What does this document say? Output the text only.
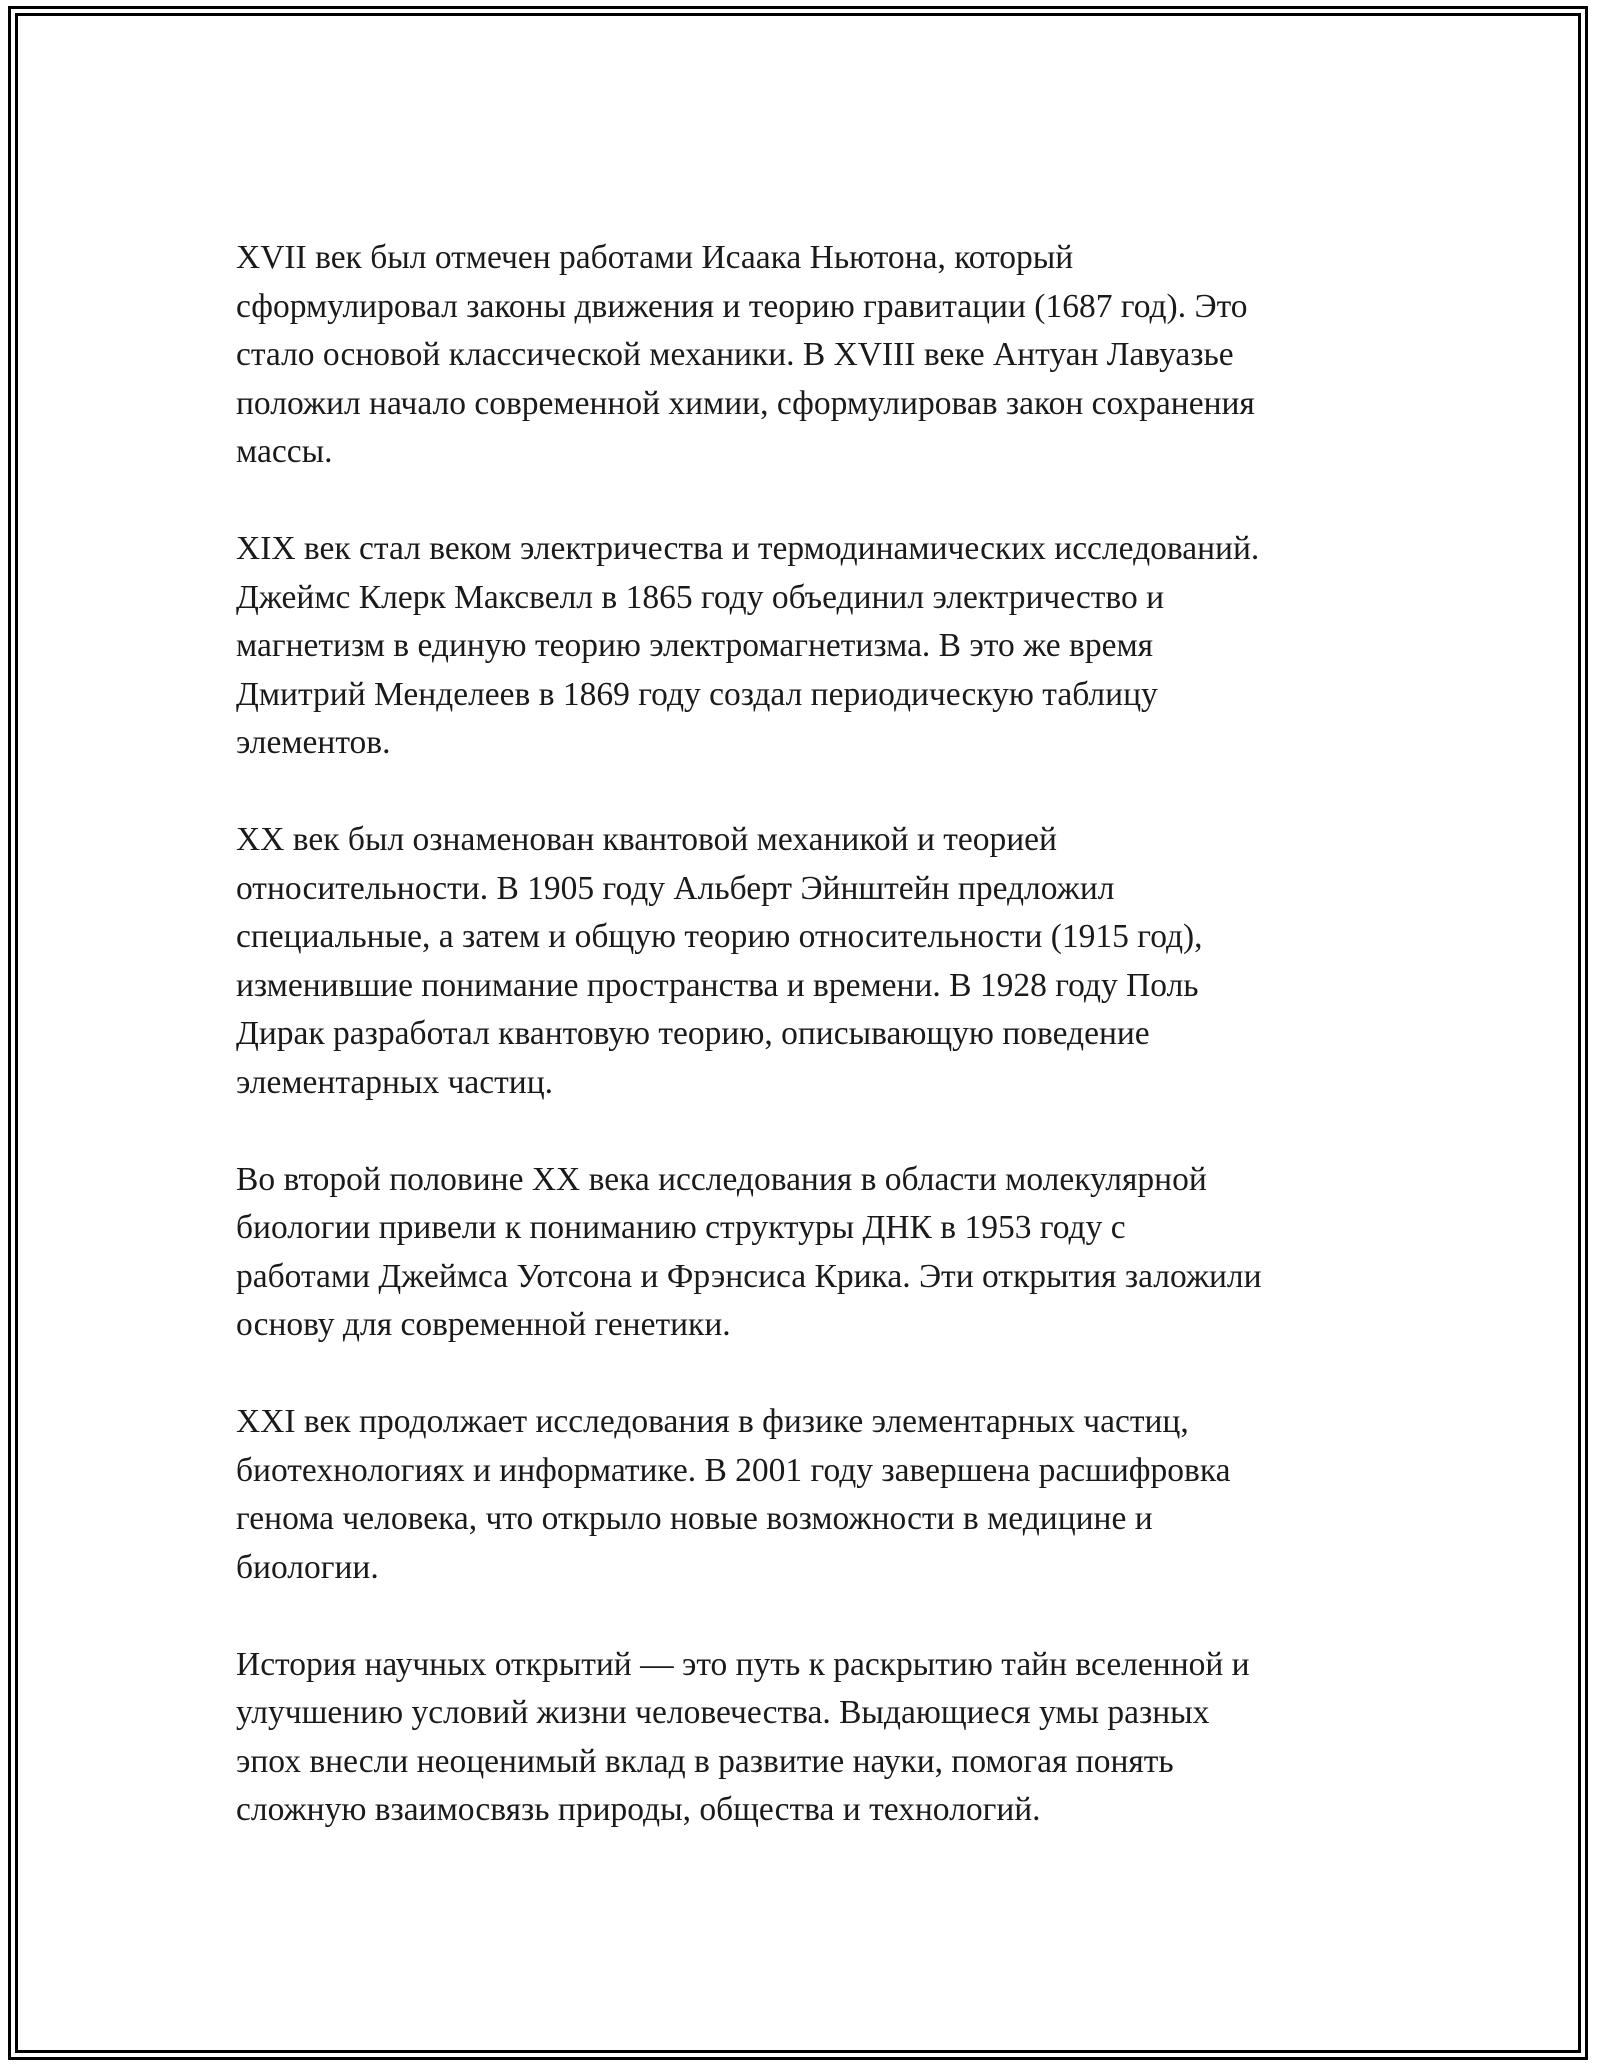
XVII век был отмечен работами Исаака Ньютона, который
сформулировал законы движения и теорию гравитации (1687 год). Это
стало основой классической механики. В XVIII веке Антуан Лавуазье
положил начало современной химии, сформулировав закон сохранения
массы.

XIX век стал веком электричества и термодинамических исследований.
Джеймс Клерк Максвелл в 1865 году объединил электричество и
магнетизм в единую теорию электромагнетизма. В это же время
Дмитрий Менделеев в 1869 году создал периодическую таблицу
элементов.

XX век был ознаменован квантовой механикой и теорией
относительности. В 1905 году Альберт Эйнштейн предложил
специальные, а затем и общую теорию относительности (1915 год),
изменившие понимание пространства и времени. В 1928 году Поль
Дирак разработал квантовую теорию, описывающую поведение
элементарных частиц.

Во второй половине XX века исследования в области молекулярной
биологии привели к пониманию структуры ДНК в 1953 году с
работами Джеймса Уотсона и Фрэнсиса Крика. Эти открытия заложили
основу для современной генетики.

XXI век продолжает исследования в физике элементарных частиц,
биотехнологиях и информатике. В 2001 году завершена расшифровка
генома человека, что открыло новые возможности в медицине и
биологии.

История научных открытий — это путь к раскрытию тайн вселенной и
улучшению условий жизни человечества. Выдающиеся умы разных
эпох внесли неоценимый вклад в развитие науки, помогая понять
сложную взаимосвязь природы, общества и технологий.
